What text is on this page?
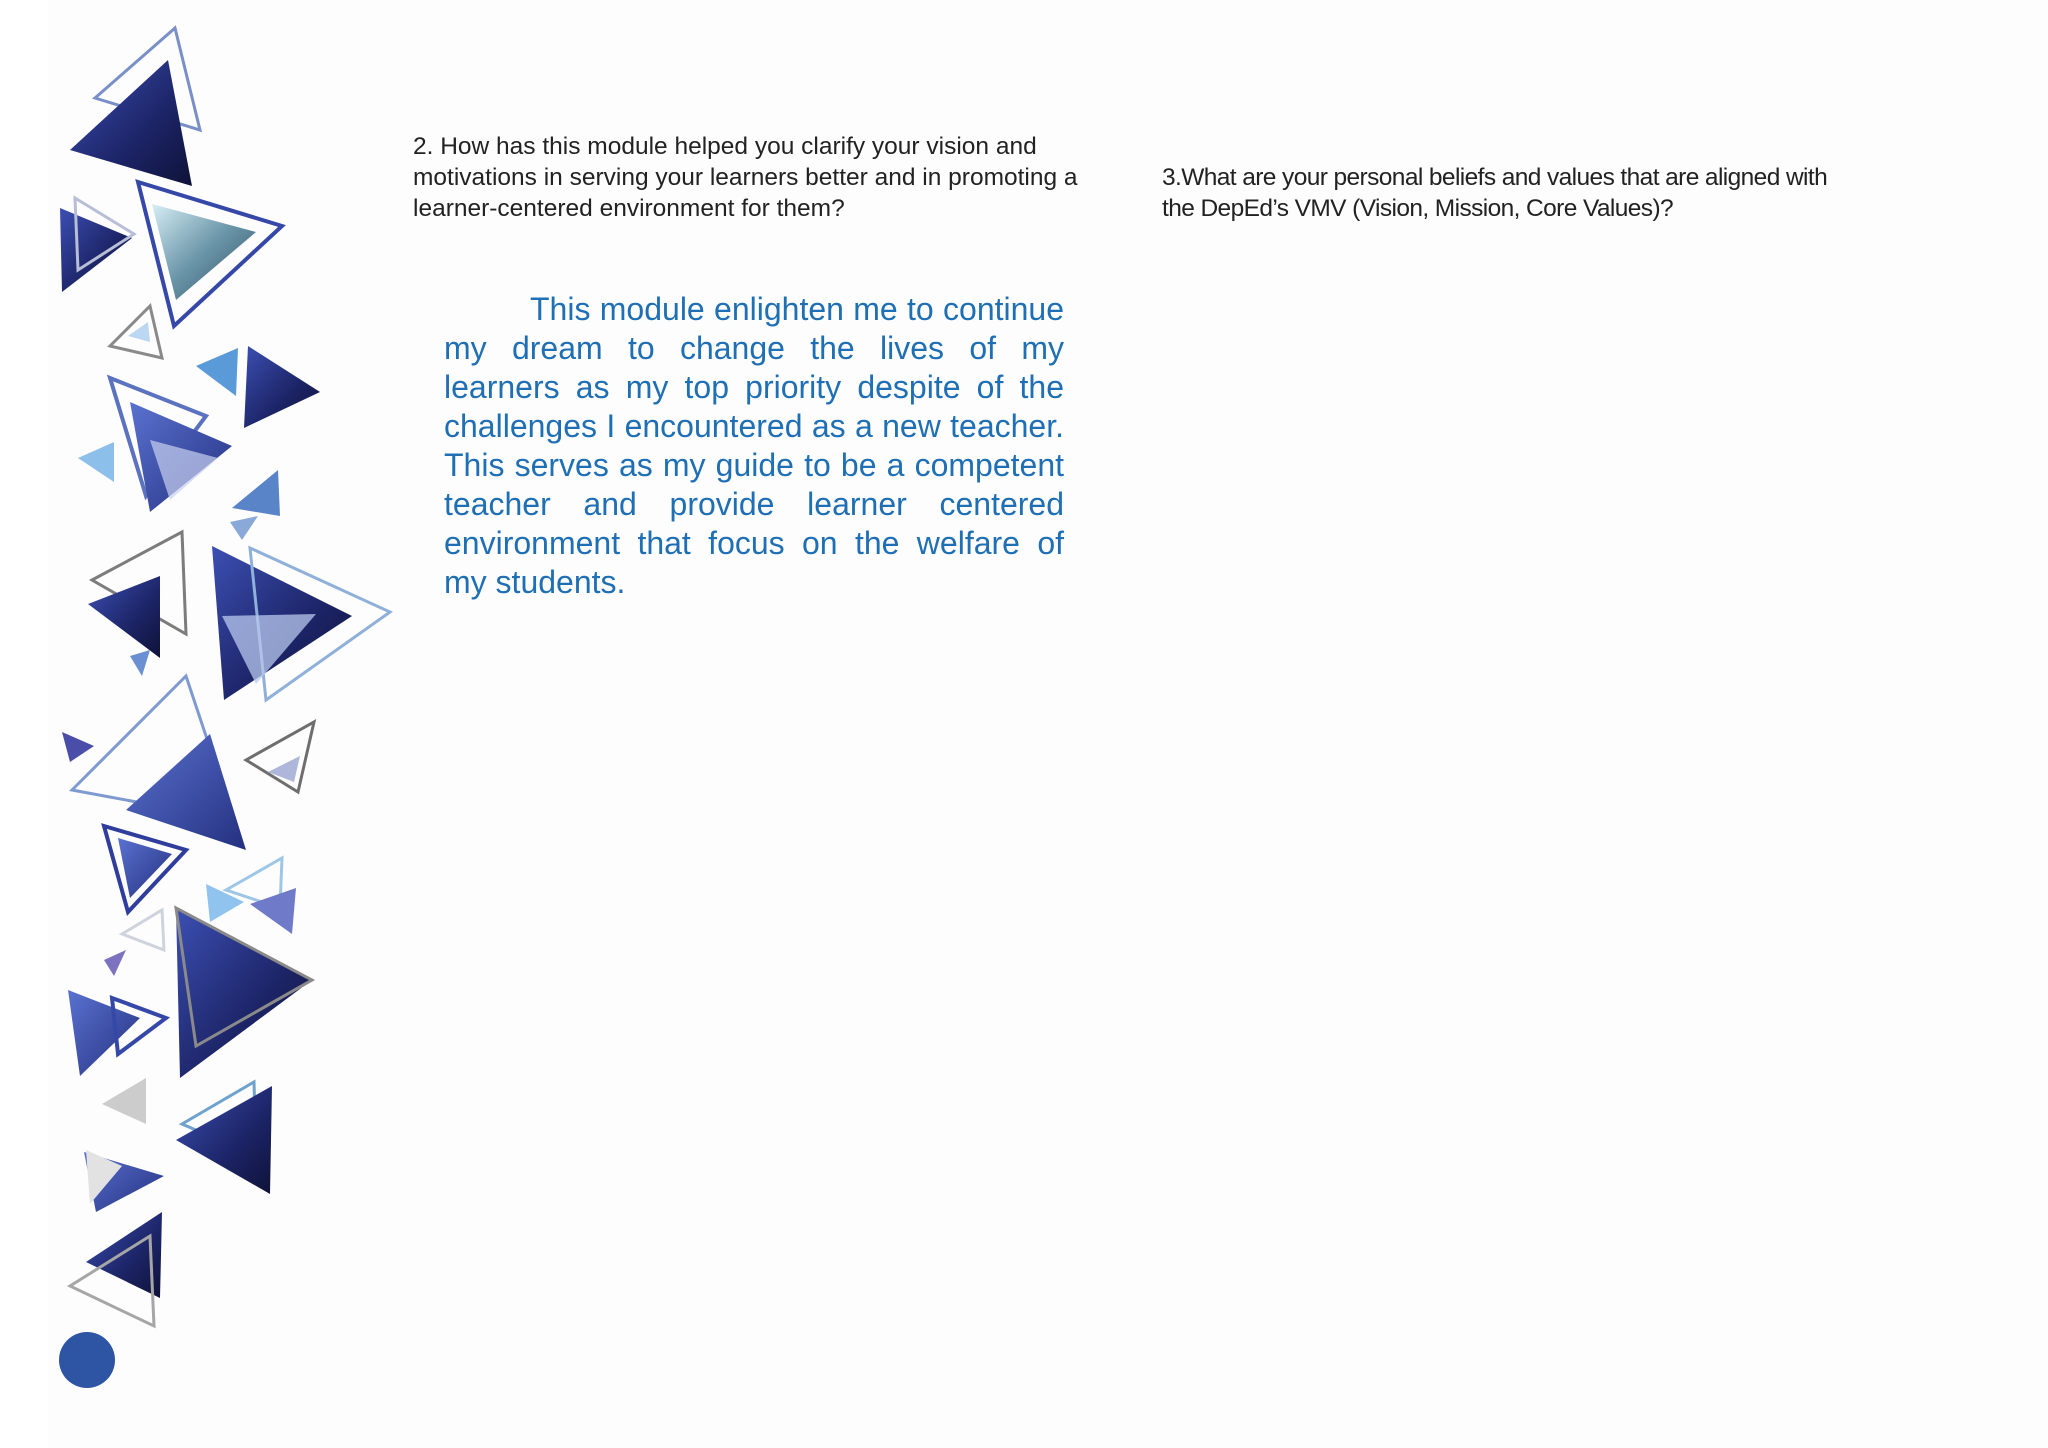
2. How has this module helped you clarify your vision and motivations in serving your learners better and in promoting a learner-centered environment for them?

3.What are your personal beliefs and values that are aligned with the DepEd’s VMV (Vision, Mission, Core Values)?

This module enlighten me to continue my dream to change the lives of my learners as my top priority despite of the challenges I encountered as a new teacher. This serves as my guide to be a competent teacher and provide learner centered environment that focus on the welfare of my students.
